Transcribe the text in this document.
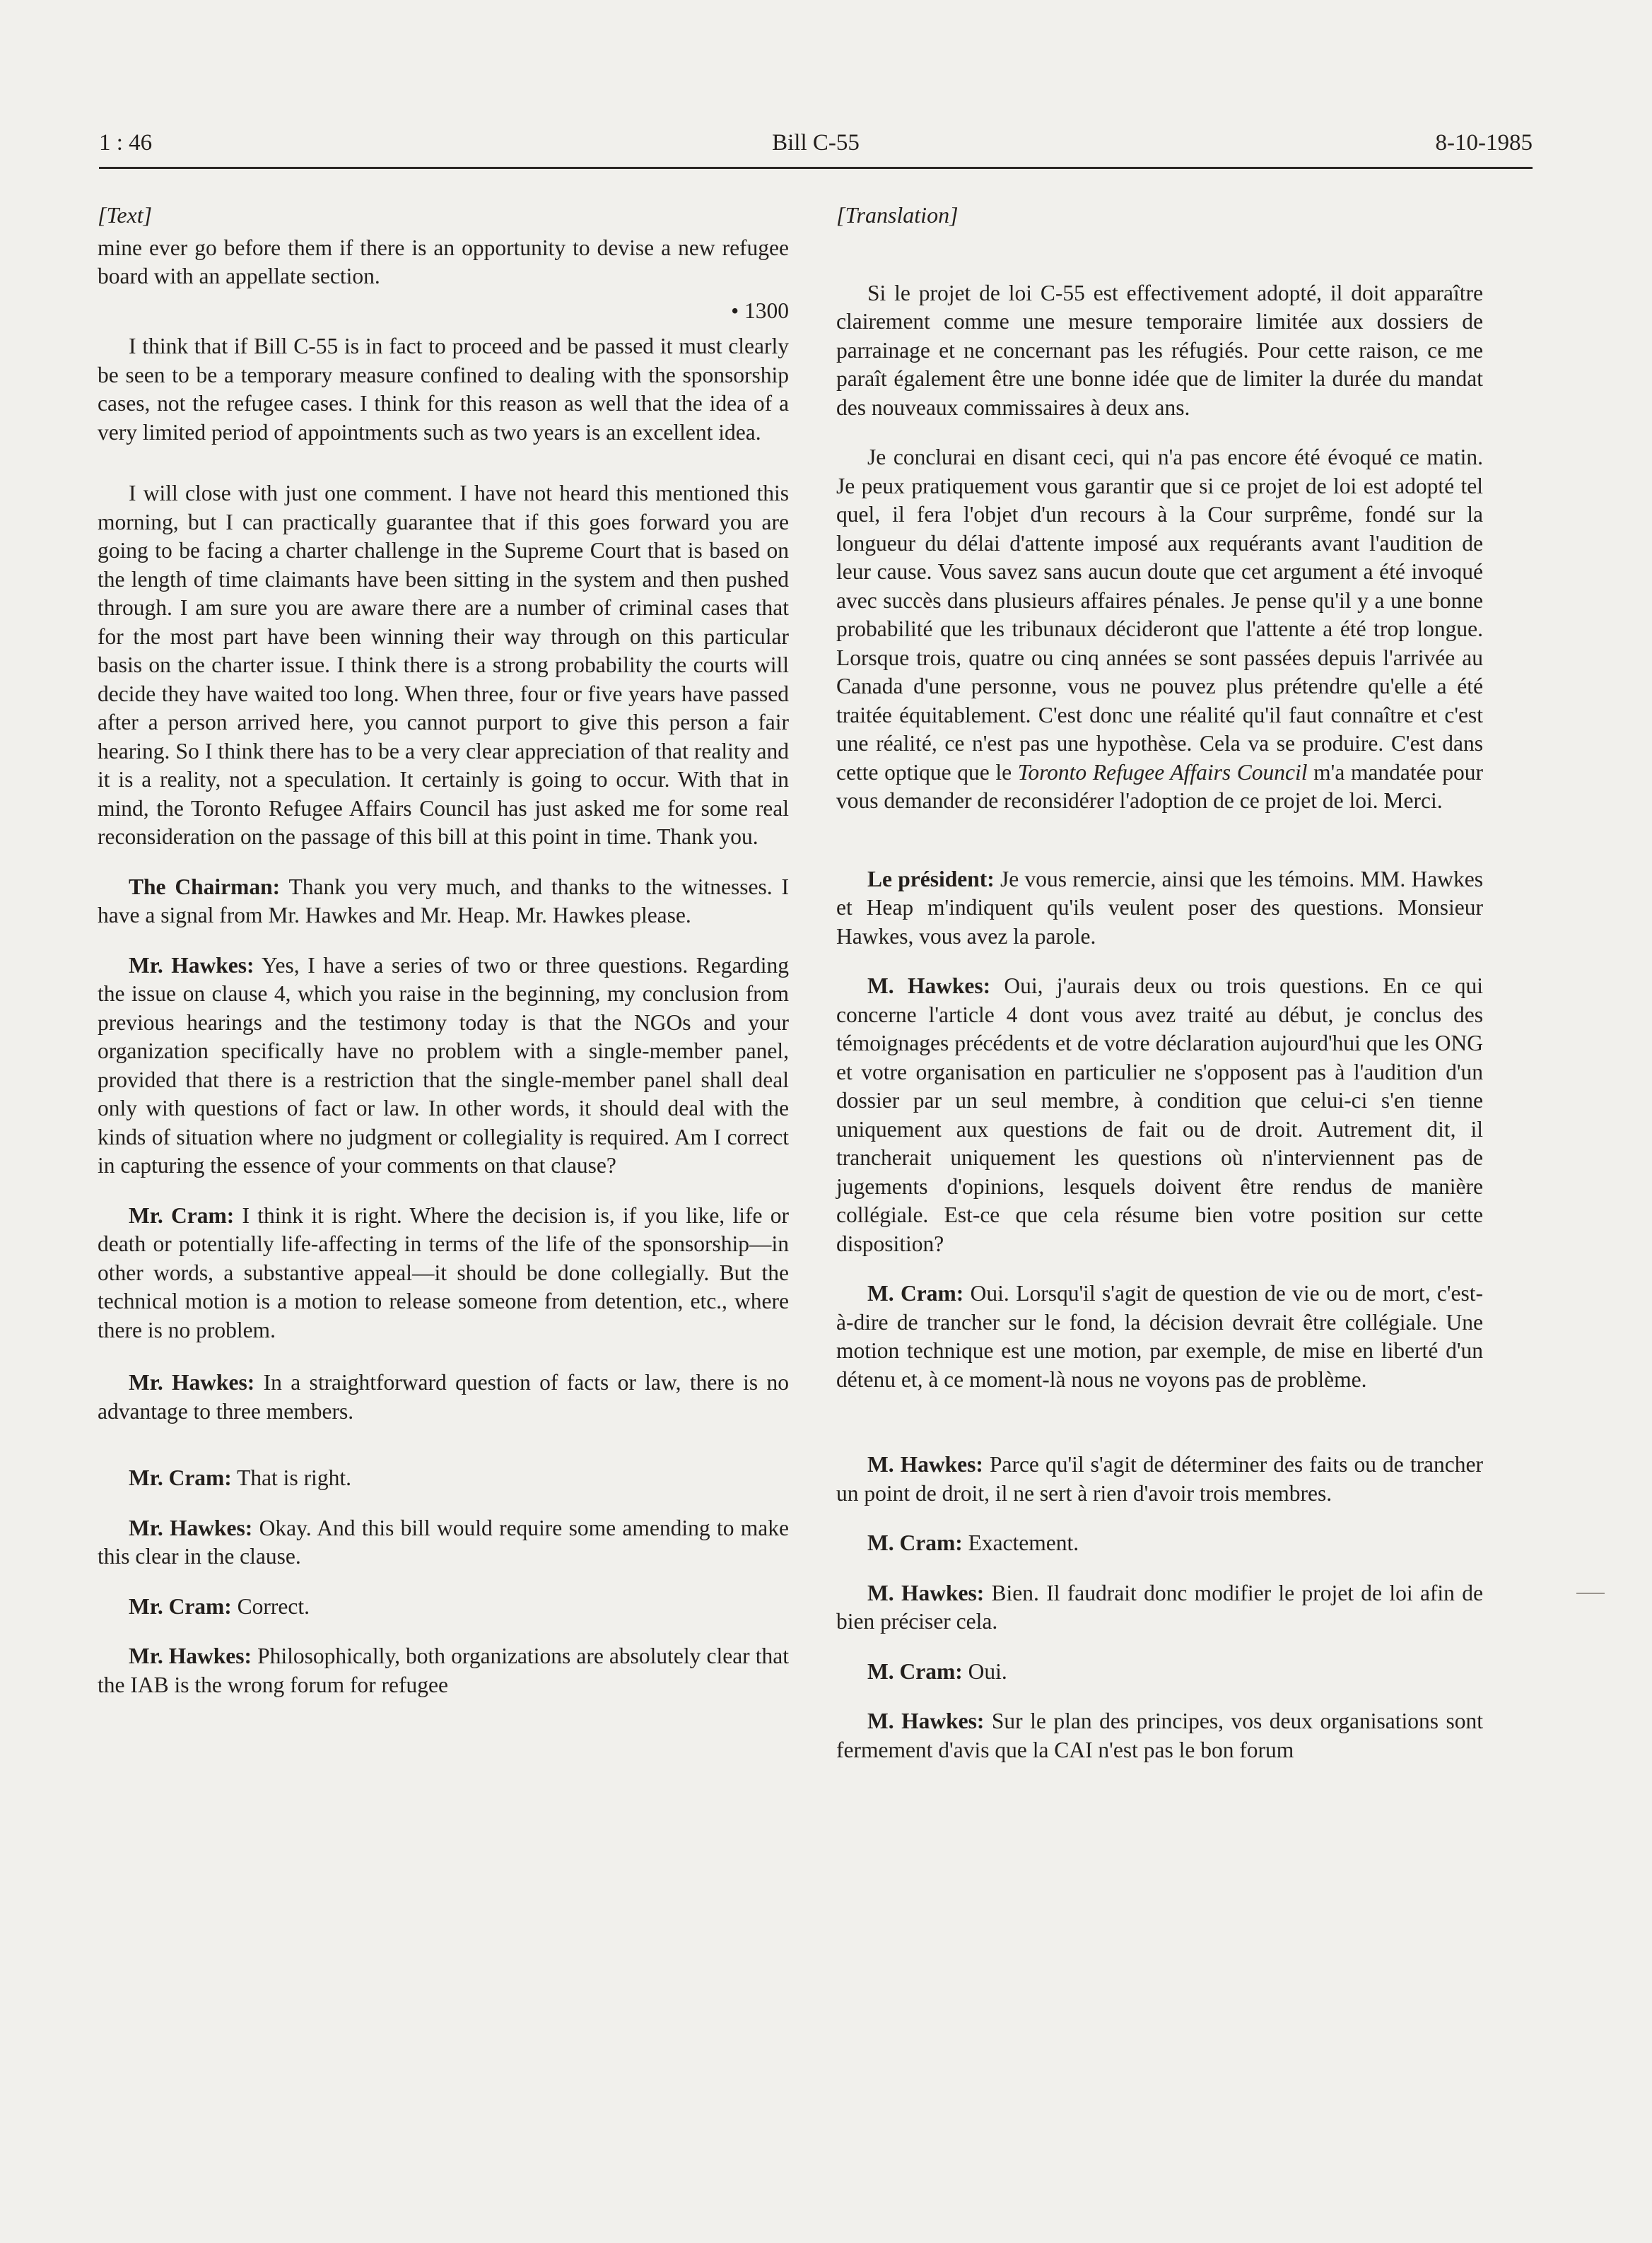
1 : 46	Bill C-55	8-10-1985
[Text]

mine ever go before them if there is an opportunity to devise a new refugee board with an appellate section.

• 1300

I think that if Bill C-55 is in fact to proceed and be passed it must clearly be seen to be a temporary measure confined to dealing with the sponsorship cases, not the refugee cases. I think for this reason as well that the idea of a very limited period of appointments such as two years is an excellent idea.

I will close with just one comment. I have not heard this mentioned this morning, but I can practically guarantee that if this goes forward you are going to be facing a charter challenge in the Supreme Court that is based on the length of time claimants have been sitting in the system and then pushed through. I am sure you are aware there are a number of criminal cases that for the most part have been winning their way through on this particular basis on the charter issue. I think there is a strong probability the courts will decide they have waited too long. When three, four or five years have passed after a person arrived here, you cannot purport to give this person a fair hearing. So I think there has to be a very clear appreciation of that reality and it is a reality, not a speculation. It certainly is going to occur. With that in mind, the Toronto Refugee Affairs Council has just asked me for some real reconsideration on the passage of this bill at this point in time. Thank you.

The Chairman: Thank you very much, and thanks to the witnesses. I have a signal from Mr. Hawkes and Mr. Heap. Mr. Hawkes please.

Mr. Hawkes: Yes, I have a series of two or three questions. Regarding the issue on clause 4, which you raise in the beginning, my conclusion from previous hearings and the testimony today is that the NGOs and your organization specifically have no problem with a single-member panel, provided that there is a restriction that the single-member panel shall deal only with questions of fact or law. In other words, it should deal with the kinds of situation where no judgment or collegiality is required. Am I correct in capturing the essence of your comments on that clause?

Mr. Cram: I think it is right. Where the decision is, if you like, life or death or potentially life-affecting in terms of the life of the sponsorship—in other words, a substantive appeal—it should be done collegially. But the technical motion is a motion to release someone from detention, etc., where there is no problem.

Mr. Hawkes: In a straightforward question of facts or law, there is no advantage to three members.

Mr. Cram: That is right.

Mr. Hawkes: Okay. And this bill would require some amending to make this clear in the clause.

Mr. Cram: Correct.

Mr. Hawkes: Philosophically, both organizations are absolutely clear that the IAB is the wrong forum for refugee

[Translation]

Si le projet de loi C-55 est effectivement adopté, il doit apparaître clairement comme une mesure temporaire limitée aux dossiers de parrainage et ne concernant pas les réfugiés. Pour cette raison, ce me paraît également être une bonne idée que de limiter la durée du mandat des nouveaux commissaires à deux ans.

Je conclurai en disant ceci, qui n'a pas encore été évoqué ce matin. Je peux pratiquement vous garantir que si ce projet de loi est adopté tel quel, il fera l'objet d'un recours à la Cour surprême, fondé sur la longueur du délai d'attente imposé aux requérants avant l'audition de leur cause. Vous savez sans aucun doute que cet argument a été invoqué avec succès dans plusieurs affaires pénales. Je pense qu'il y a une bonne probabilité que les tribunaux décideront que l'attente a été trop longue. Lorsque trois, quatre ou cinq années se sont passées depuis l'arrivée au Canada d'une personne, vous ne pouvez plus prétendre qu'elle a été traitée équitablement. C'est donc une réalité qu'il faut connaître et c'est une réalité, ce n'est pas une hypothèse. Cela va se produire. C'est dans cette optique que le Toronto Refugee Affairs Council m'a mandatée pour vous demander de reconsidérer l'adoption de ce projet de loi. Merci.

Le président: Je vous remercie, ainsi que les témoins. MM. Hawkes et Heap m'indiquent qu'ils veulent poser des questions. Monsieur Hawkes, vous avez la parole.

M. Hawkes: Oui, j'aurais deux ou trois questions. En ce qui concerne l'article 4 dont vous avez traité au début, je conclus des témoignages précédents et de votre déclaration aujourd'hui que les ONG et votre organisation en particulier ne s'opposent pas à l'audition d'un dossier par un seul membre, à condition que celui-ci s'en tienne uniquement aux questions de fait ou de droit. Autrement dit, il trancherait uniquement les questions où n'interviennent pas de jugements d'opinions, lesquels doivent être rendus de manière collégiale. Est-ce que cela résume bien votre position sur cette disposition?

M. Cram: Oui. Lorsqu'il s'agit de question de vie ou de mort, c'est-à-dire de trancher sur le fond, la décision devrait être collégiale. Une motion technique est une motion, par exemple, de mise en liberté d'un détenu et, à ce moment-là nous ne voyons pas de problème.

M. Hawkes: Parce qu'il s'agit de déterminer des faits ou de trancher un point de droit, il ne sert à rien d'avoir trois membres.

M. Cram: Exactement.

M. Hawkes: Bien. Il faudrait donc modifier le projet de loi afin de bien préciser cela.

M. Cram: Oui.

M. Hawkes: Sur le plan des principes, vos deux organisations sont fermement d'avis que la CAI n'est pas le bon forum
